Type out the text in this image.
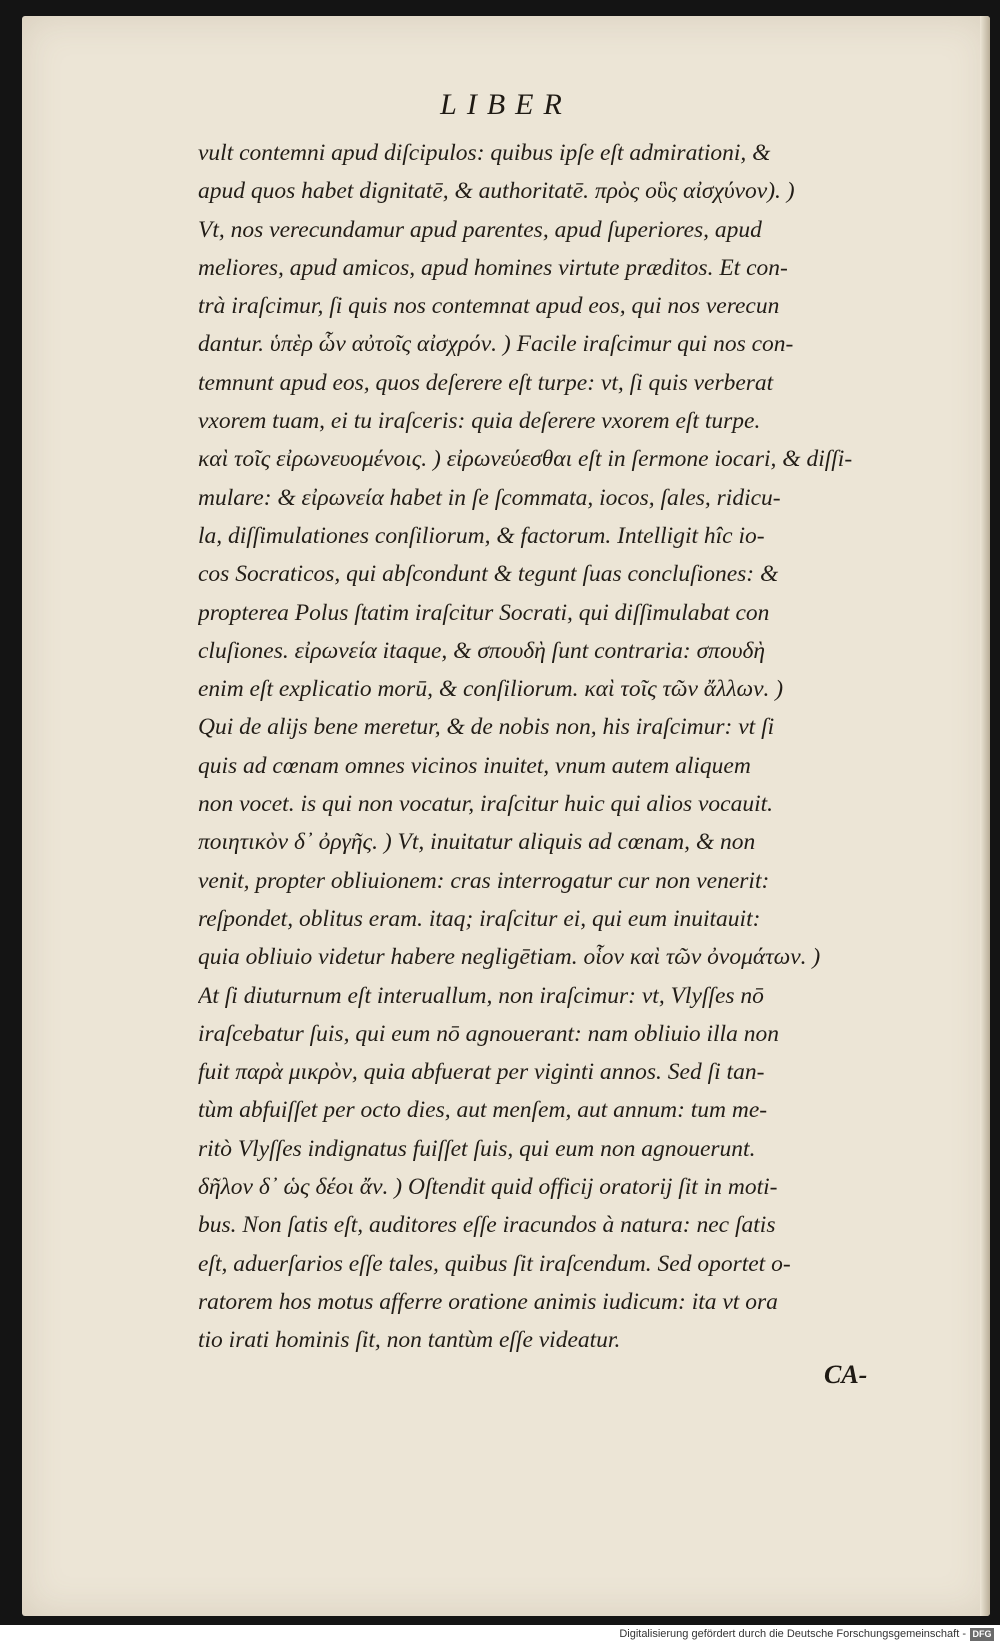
LIBER
vult contemni apud diſcipulos: quibus ipſe eſt admirationi, &
apud quos habet dignitatē, & authoritatē. πρὸς οὓς αἰσχύνον). )
Vt, nos verecundamur apud parentes, apud ſuperiores, apud
meliores, apud amicos, apud homines virtute præditos. Et con-
trà iraſcimur, ſi quis nos contemnat apud eos, qui nos verecun
dantur. ὑπὲρ ὧν αὐτοῖς αἰσχρόν. ) Facile iraſcimur qui nos con-
temnunt apud eos, quos deſerere eſt turpe: vt, ſi quis verberat
vxorem tuam, ei tu iraſceris: quia deſerere vxorem eſt turpe.
καὶ τοῖς εἰρωνευομένοις. ) εἰρωνεύεσθαι eſt in ſermone iocari, & diſſi-
mulare: & εἰρωνεία habet in ſe ſcommata, iocos, ſales, ridicu-
la, diſſimulationes conſiliorum, & factorum. Intelligit hîc io-
cos Socraticos, qui abſcondunt & tegunt ſuas concluſiones: &
propterea Polus ſtatim iraſcitur Socrati, qui diſſimulabat con
cluſiones. εἰρωνεία itaque, & σπουδὴ ſunt contraria: σπουδὴ
enim eſt explicatio morū, & conſiliorum. καὶ τοῖς τῶν ἄλλων. )
Qui de alijs bene meretur, & de nobis non, his iraſcimur: vt ſi
quis ad cœnam omnes vicinos inuitet, vnum autem aliquem
non vocet. is qui non vocatur, iraſcitur huic qui alios vocauit.
ποιητικὸν δ᾽ ὀργῆς. ) Vt, inuitatur aliquis ad cœnam, & non
venit, propter obliuionem: cras interrogatur cur non venerit:
reſpondet, oblitus eram. itaq; iraſcitur ei, qui eum inuitauit:
quia obliuio videtur habere negligētiam. οἷον καὶ τῶν ὀνομάτων. )
At ſi diuturnum eſt interuallum, non iraſcimur: vt, Vlyſſes nō
iraſcebatur ſuis, qui eum nō agnouerant: nam obliuio illa non
fuit παρὰ μικρὸν, quia abfuerat per viginti annos. Sed ſi tan-
tùm abfuiſſet per octo dies, aut menſem, aut annum: tum me-
ritò Vlyſſes indignatus fuiſſet ſuis, qui eum non agnouerunt.
δῆλον δ᾽ ὡς δέοι ἄν. ) Oſtendit quid officij oratorij ſit in moti-
bus. Non ſatis eſt, auditores eſſe iracundos à natura: nec ſatis
eſt, aduerſarios eſſe tales, quibus ſit iraſcendum. Sed oportet o-
ratorem hos motus afferre oratione animis iudicum: ita vt ora
tio irati hominis ſit, non tantùm eſſe videatur.
CA-
Digitalisierung gefördert durch die Deutsche Forschungsgemeinschaft - DFG
